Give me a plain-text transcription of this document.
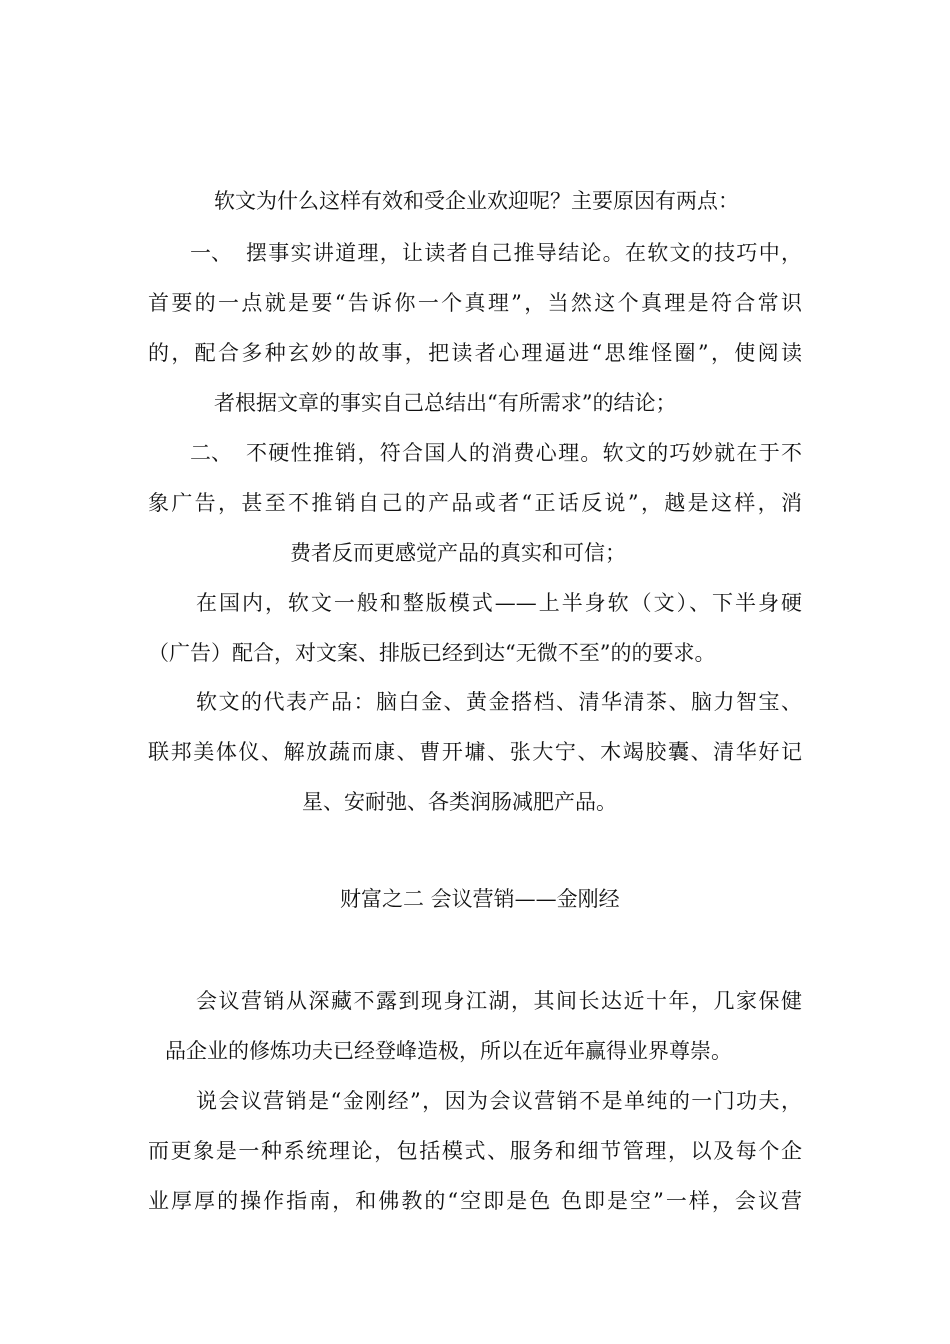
软文为什么这样有效和受企业欢迎呢？主要原因有两点：
一、 摆事实讲道理，让读者自己推导结论。在软文的技巧中，
首要的一点就是要“告诉你一个真理”，当然这个真理是符合常识
的，配合多种玄妙的故事，把读者心理逼进“思维怪圈”，使阅读
者根据文章的事实自己总结出“有所需求”的结论；
二、 不硬性推销，符合国人的消费心理。软文的巧妙就在于不
象广告，甚至不推销自己的产品或者“正话反说”，越是这样，消
费者反而更感觉产品的真实和可信；
在国内，软文一般和整版模式——上半身软（文）、下半身硬
（广告）配合，对文案、排版已经到达“无微不至”的的要求。
软文的代表产品：脑白金、黄金搭档、清华清茶、脑力智宝、
联邦美体仪、解放蔬而康、曹开墉、张大宁、木竭胶囊、清华好记
星、安耐弛、各类润肠减肥产品。
财富之二 会议营销——金刚经
会议营销从深藏不露到现身江湖，其间长达近十年，几家保健
品企业的修炼功夫已经登峰造极，所以在近年赢得业界尊崇。
说会议营销是“金刚经”，因为会议营销不是单纯的一门功夫，
而更象是一种系统理论，包括模式、服务和细节管理，以及每个企
业厚厚的操作指南，和佛教的“空即是色 色即是空”一样，会议营
